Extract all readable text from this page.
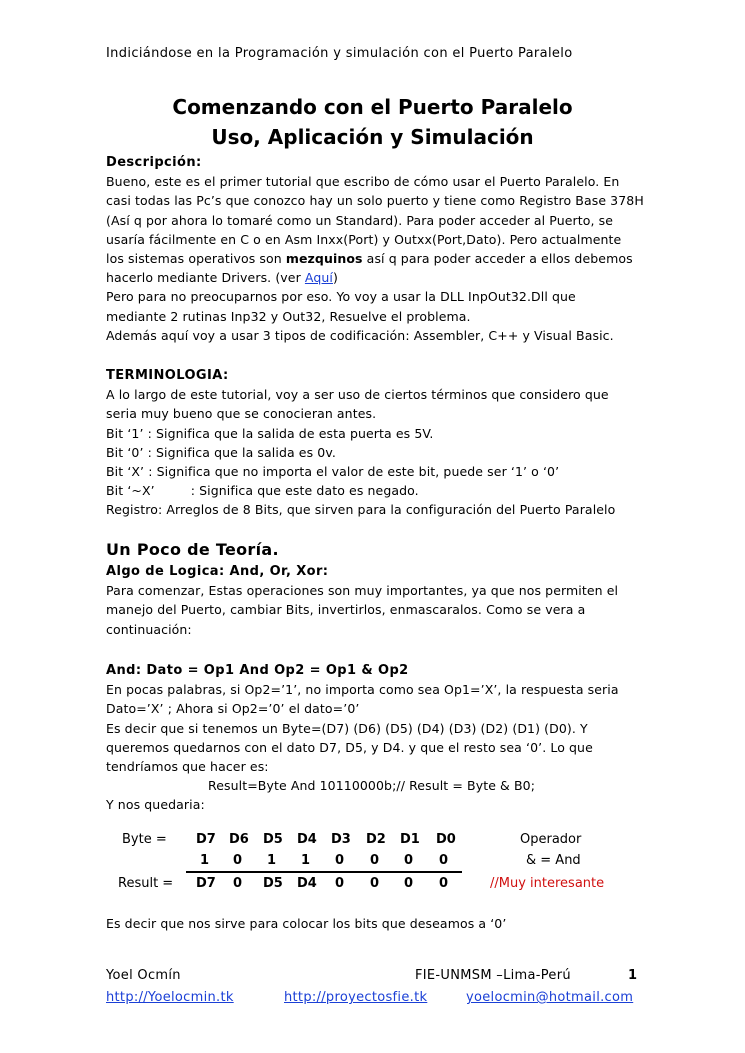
Indiciándose en la Programación y simulación con el Puerto Paralelo
Comenzando con el Puerto Paralelo
Uso, Aplicación y Simulación

Descripción:

Bueno, este es el primer tutorial que escribo de cómo usar el Puerto Paralelo. En

casi todas las Pc’s que conozco hay un solo puerto y tiene como Registro Base 378H

(Así q por ahora lo tomaré como un Standard). Para poder acceder al Puerto, se

usaría fácilmente en C o en Asm Inxx(Port) y Outxx(Port,Dato). Pero actualmente

los sistemas operativos son mezquinos así q para poder acceder a ellos debemos

hacerlo mediante Drivers. (ver Aquí)

Pero para no preocuparnos por eso. Yo voy a usar la DLL InpOut32.Dll que

mediante 2 rutinas Inp32 y Out32, Resuelve el problema.

Además aquí voy a usar 3 tipos de codificación: Assembler, C++ y Visual Basic.

TERMINOLOGIA:

A lo largo de este tutorial, voy a ser uso de ciertos términos que considero que

seria muy bueno que se conocieran antes.

Bit ‘1’ : Significa que la salida de esta puerta es 5V.

Bit ‘0’ : Significa que la salida es 0v.

Bit ‘X’ : Significa que no importa el valor de este bit, puede ser ‘1’ o ‘0’

Bit ‘~X’	: Significa que este dato es negado.

Registro: Arreglos de 8 Bits, que sirven para la configuración del Puerto Paralelo

Un Poco de Teoría.

Algo de Logica: And, Or, Xor:

Para comenzar, Estas operaciones son muy importantes, ya que nos permiten el

manejo del Puerto, cambiar Bits, invertirlos, enmascaralos. Como se vera a

continuación:

And: Dato = Op1 And Op2 = Op1 & Op2

En pocas palabras, si Op2=’1’, no importa como sea Op1=’X’, la respuesta seria

Dato=’X’ ; Ahora si Op2=’0’ el dato=’0’

Es decir que si tenemos un Byte=(D7) (D6) (D5) (D4) (D3) (D2) (D1) (D0). Y

queremos quedarnos con el dato D7, D5, y D4. y que el resto sea ‘0’. Lo que

tendríamos que hacer es:

Result=Byte And 10110000b;// Result = Byte & B0;

Y nos quedaria:

Byte = D7 D6 D5 D4 D3 D2 D1 D0	Operador
1 0 1 1 0 0 0 0	& = And
Result = D7 0 D5 D4 0 0 0 0	//Muy interesante

Es decir que nos sirve para colocar los bits que deseamos a ‘0’

Yoel Ocmín	FIE-UNMSM –Lima-Perú	1
http://Yoelocmin.tk	http://proyectosfie.tk	yoelocmin@hotmail.com
